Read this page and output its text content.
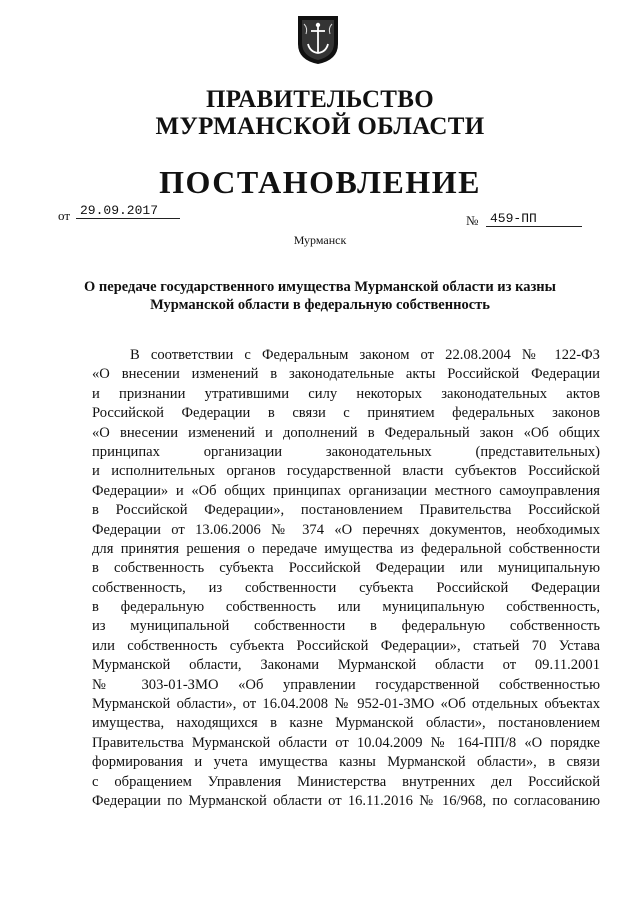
ПРАВИТЕЛЬСТВО
МУРМАНСКОЙ ОБЛАСТИ
ПОСТАНОВЛЕНИЕ
от 29.09.2017
№ 459-ПП
Мурманск
О передаче государственного имущества Мурманской области из казны
Мурманской области в федеральную собственность
В соответствии с Федеральным законом от 22.08.2004 № 122-ФЗ
«О внесении изменений в законодательные акты Российской Федерации
и признании утратившими силу некоторых законодательных актов
Российской Федерации в связи с принятием федеральных законов
«О внесении изменений и дополнений в Федеральный закон «Об общих
принципах организации законодательных (представительных)
и исполнительных органов государственной власти субъектов Российской
Федерации» и «Об общих принципах организации местного самоуправления
в Российской Федерации», постановлением Правительства Российской
Федерации от 13.06.2006 № 374 «О перечнях документов, необходимых
для принятия решения о передаче имущества из федеральной собственности
в собственность субъекта Российской Федерации или муниципальную
собственность, из собственности субъекта Российской Федерации
в федеральную собственность или муниципальную собственность,
из муниципальной собственности в федеральную собственность
или собственность субъекта Российской Федерации», статьей 70 Устава
Мурманской области, Законами Мурманской области от 09.11.2001
№ 303-01-ЗМО «Об управлении государственной собственностью
Мурманской области», от 16.04.2008 № 952-01-ЗМО «Об отдельных объектах
имущества, находящихся в казне Мурманской области», постановлением
Правительства Мурманской области от 10.04.2009 № 164-ПП/8 «О порядке
формирования и учета имущества казны Мурманской области», в связи
с обращением Управления Министерства внутренних дел Российской
Федерации по Мурманской области от 16.11.2016 № 16/968, по согласованию
